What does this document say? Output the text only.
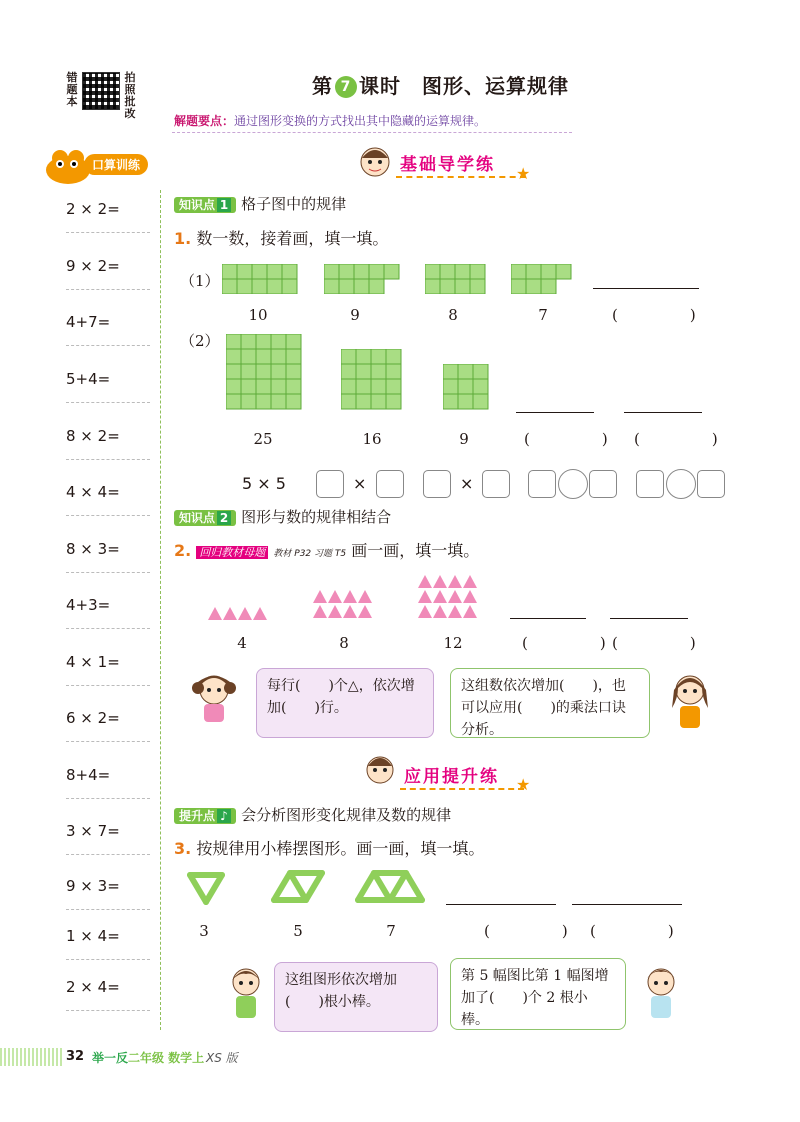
错题本
拍照批改
第 7 课时　图形、运算规律
解题要点：通过图形变换的方式找出其中隐藏的运算规律。
口算训练
2 × 2=
9 × 2=
4+7=
5+4=
8 × 2=
4 × 4=
8 × 3=
4+3=
4 × 1=
6 × 2=
8+4=
3 × 7=
9 × 3=
1 × 4=
2 × 4=
基础导学练 ★
知识点 1 格子图中的规律
1. 数一数，接着画，填一填。
（1）
10	9	8	7	(　　)
（2）
25	16	9	(　　) (　　)
5 × 5	×	×
知识点 2 图形与数的规律相结合
2. 回归教材母题 教材 P32 习题 T5 画一画，填一填。
4	8	12	(　　)
(　　)
每行(　　)个△，依次增加(　　)行。
这组数依次增加(　　)，也可以应用(　　)的乘法口诀分析。
应用提升练 ★
提升点 ♪ 会分析图形变化规律及数的规律
3. 按规律用小棒摆图形。画一画，填一填。
3	5	7	(　　) (　　)
这组图形依次增加(　　)根小棒。
第 5 幅图比第 1 幅图增加了(　　)个 2 根小棒。
32 举一反 二年级 数学上 XS 版
